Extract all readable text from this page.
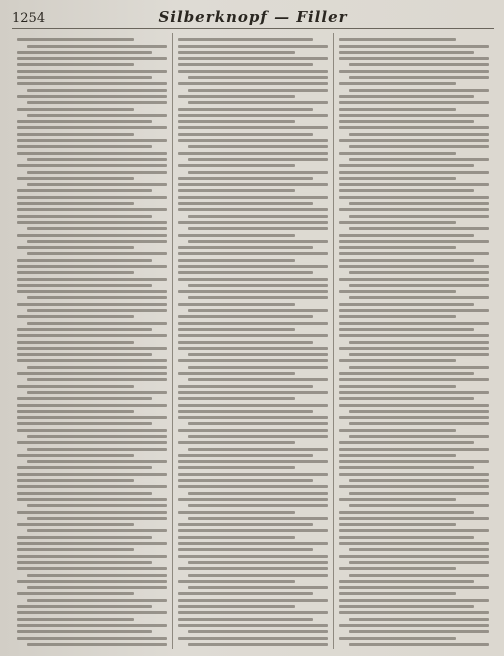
1254	Silberknopf — Filler
